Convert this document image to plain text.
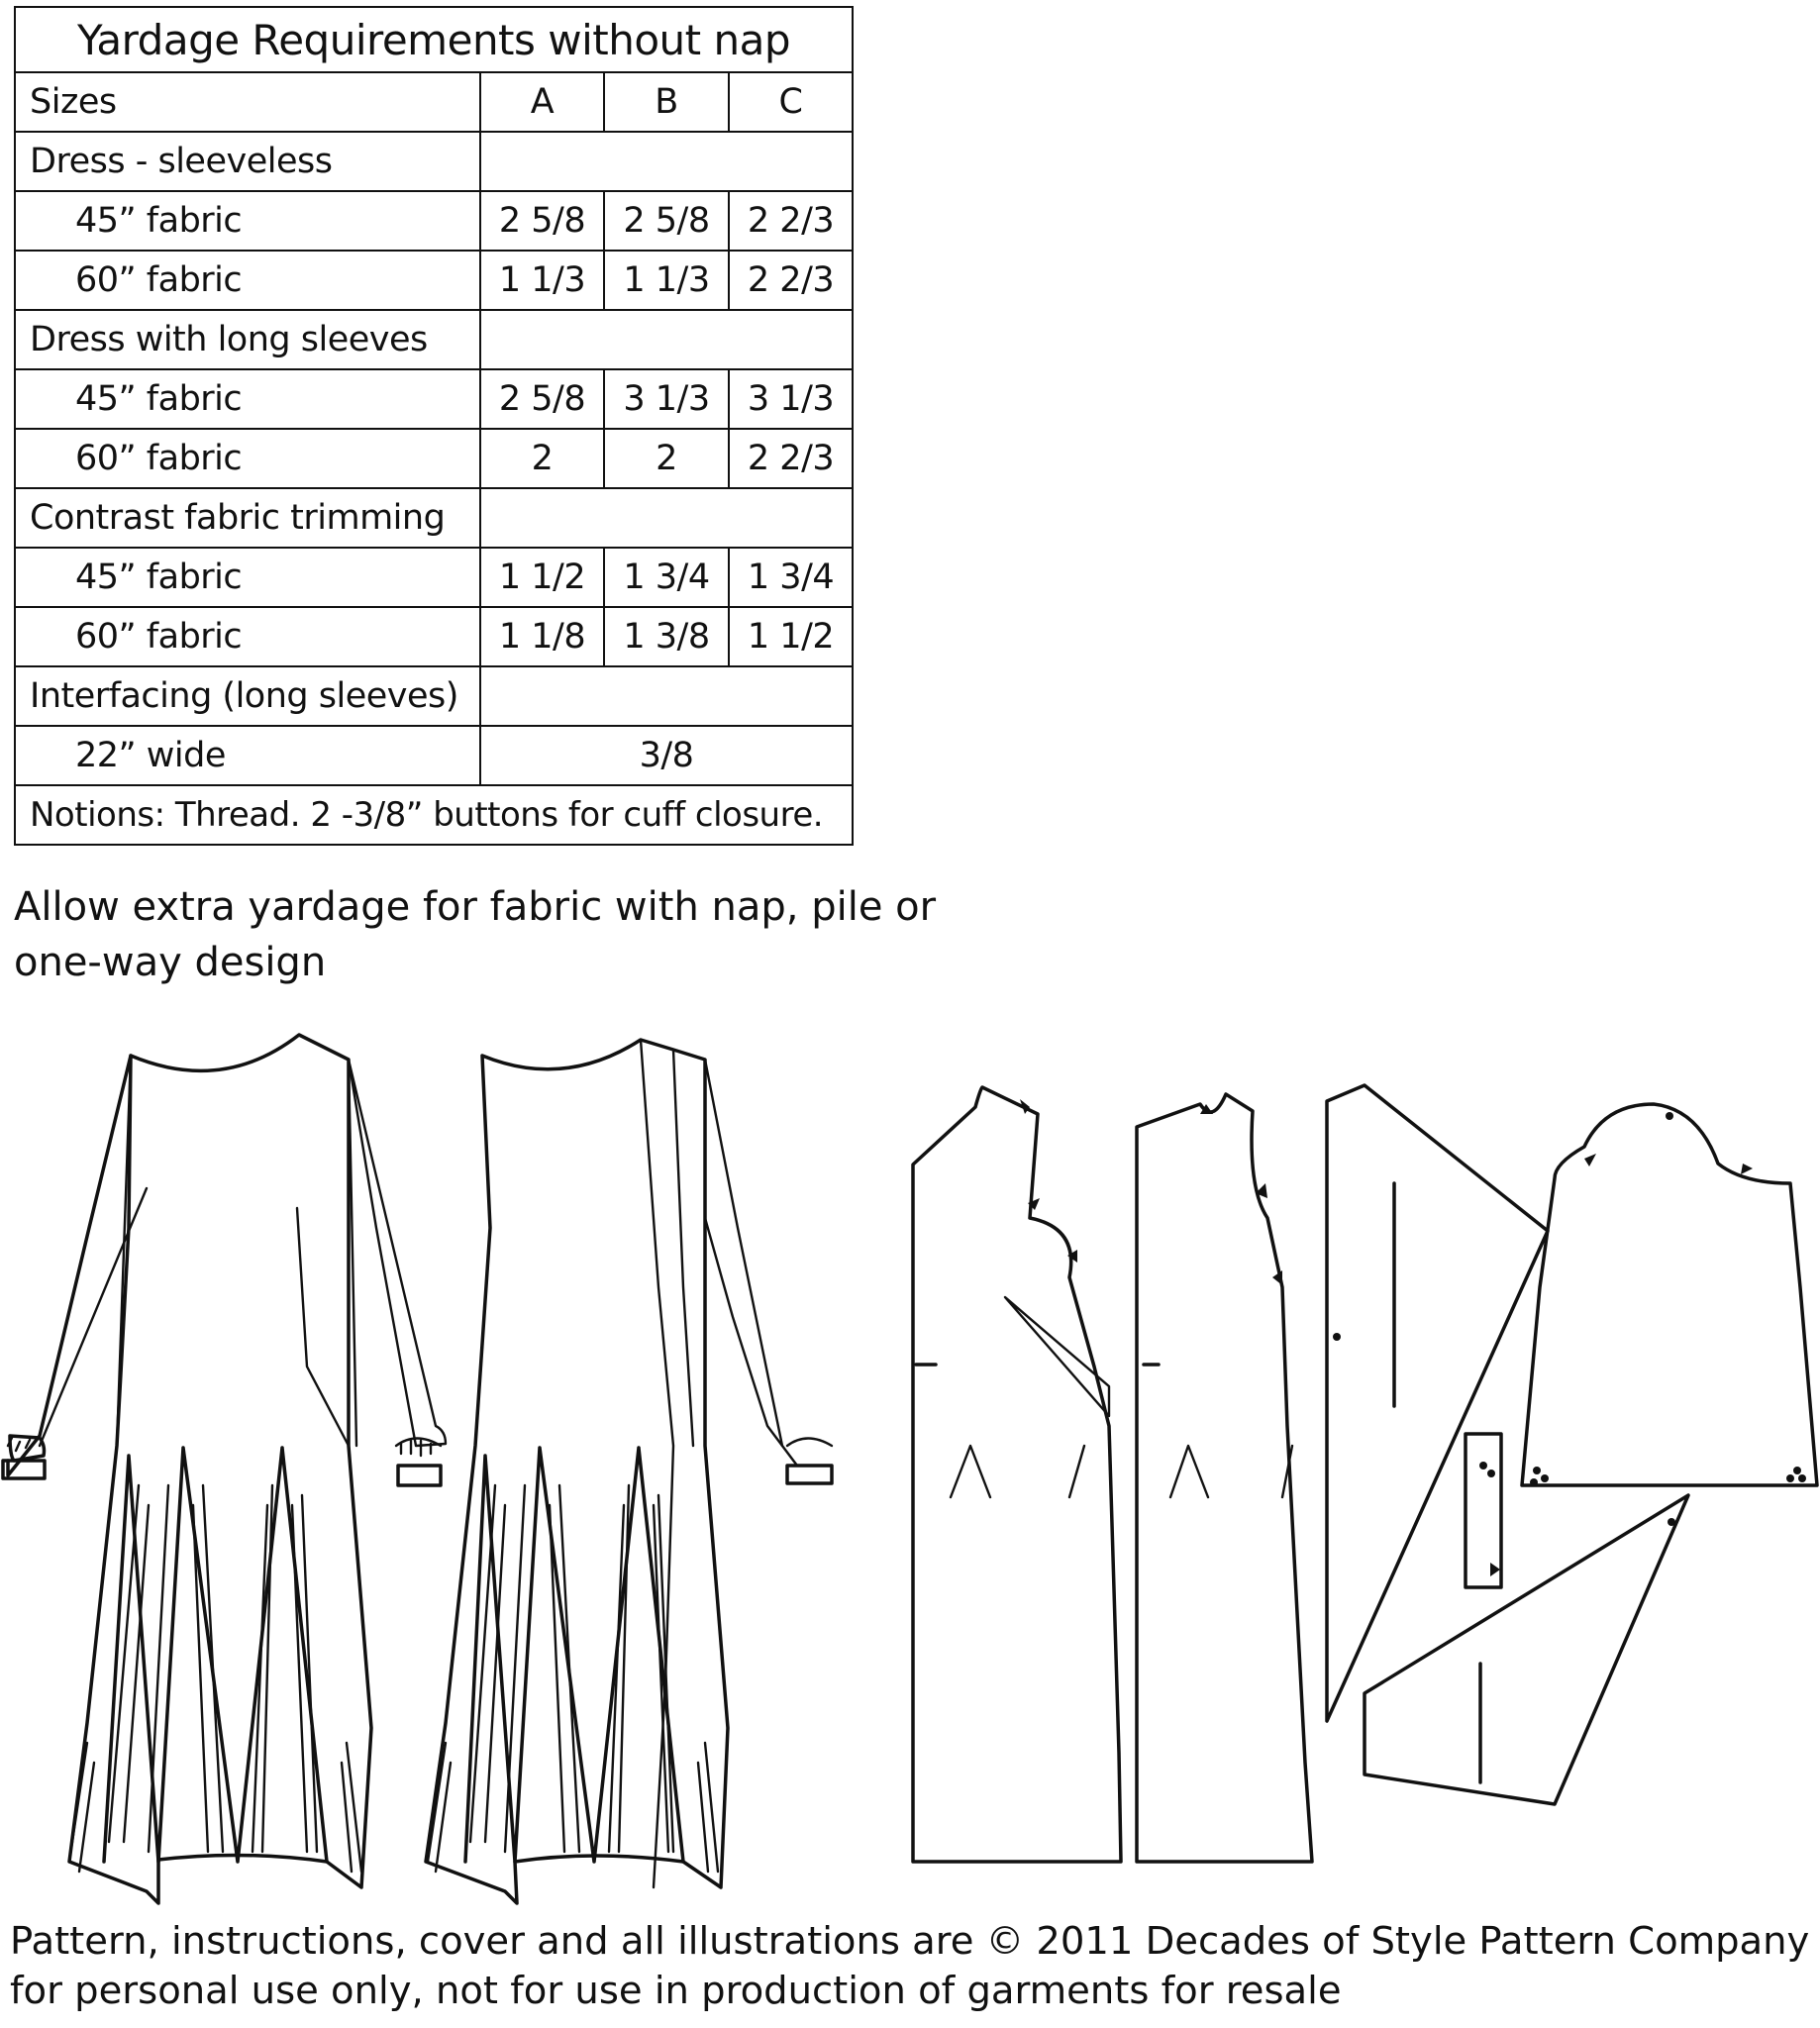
Yardage Requirements without nap			
Sizes	A	B	C
Dress - sleeveless			
45” fabric	2 5/8	2 5/8	2 2/3
60” fabric	1 1/3	1 1/3	2 2/3
Dress with long sleeves			
45” fabric	2 5/8	3 1/3	3 1/3
60” fabric	2	2	2 2/3
Contrast fabric trimming			
45” fabric	1 1/2	1 3/4	1 3/4
60” fabric	1 1/8	1 3/8	1 1/2
Interfacing (long sleeves)			
22” wide	3/8		
Notions: Thread. 2 -3/8” buttons for cuff closure.			

Allow extra yardage for fabric with nap, pile or
one-way design

Pattern, instructions, cover and all illustrations are © 2011 Decades of Style Pattern Company
for personal use only, not for use in production of garments for resale
